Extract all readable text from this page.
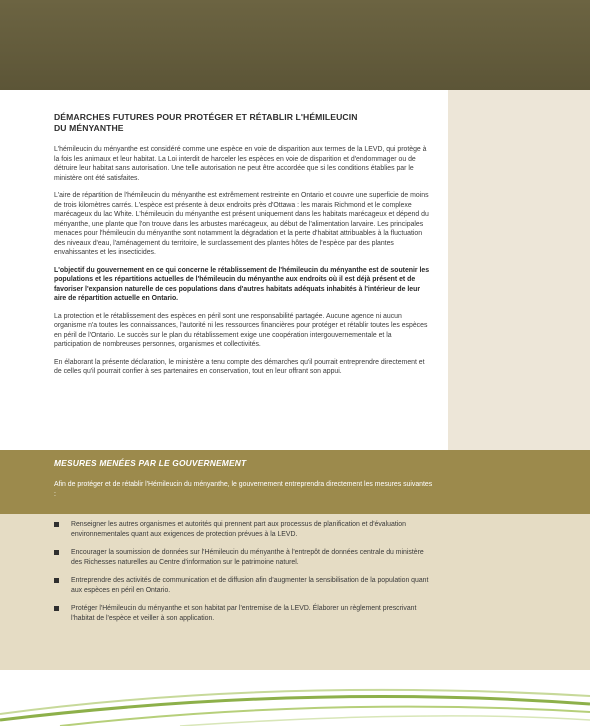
DÉMARCHES FUTURES POUR PROTÉGER ET RÉTABLIR L'HÉMILEUCIN
DU MÉNYANTHE

L'hémileucin du ményanthe est considéré comme une espèce en voie de disparition aux termes de la LEVD, qui protège à la fois les animaux et leur habitat. La Loi interdit de harceler les espèces en voie de disparition et d'endommager ou de détruire leur habitat sans autorisation. Une telle autorisation ne peut être accordée que si les conditions établies par le ministère ont été satisfaites.

L'aire de répartition de l'hémileucin du ményanthe est extrêmement restreinte en Ontario et couvre une superficie de moins de trois kilomètres carrés. L'espèce est présente à deux endroits près d'Ottawa : les marais Richmond et le complexe marécageux du lac White. L'hémileucin du ményanthe est présent uniquement dans les habitats marécageux et dépend du ményanthe, une plante que l'on trouve dans les arbustes marécageux, au début de l'alimentation larvaire. Les principales menaces pour l'hémileucin du ményanthe sont notamment la dégradation et la perte d'habitat attribuables à la fluctuation des niveaux d'eau, l'aménagement du territoire, le surclassement des plantes hôtes de l'espèce par des plantes envahissantes et les insecticides.

L'objectif du gouvernement en ce qui concerne le rétablissement de l'hémileucin du ményanthe est de soutenir les populations et les répartitions actuelles de l'hémileucin du ményanthe aux endroits où il est déjà présent et de favoriser l'expansion naturelle de ces populations dans d'autres habitats adéquats inhabités à l'intérieur de leur aire de répartition actuelle en Ontario.

La protection et le rétablissement des espèces en péril sont une responsabilité partagée. Aucune agence ni aucun organisme n'a toutes les connaissances, l'autorité ni les ressources financières pour protéger et rétablir toutes les espèces en péril de l'Ontario. Le succès sur le plan du rétablissement exige une coopération intergouvernementale et la participation de nombreuses personnes, organismes et collectivités.

En élaborant la présente déclaration, le ministère a tenu compte des démarches qu'il pourrait entreprendre directement et de celles qu'il pourrait confier à ses partenaires en conservation, tout en leur offrant son appui.

MESURES MENÉES PAR LE GOUVERNEMENT
Afin de protéger et de rétablir l'Hémileucin du ményanthe, le gouvernement entreprendra directement les mesures suivantes :
Renseigner les autres organismes et autorités qui prennent part aux processus de planification et d'évaluation environnementales quant aux exigences de protection prévues à la LEVD.
Encourager la soumission de données sur l'Hémileucin du ményanthe à l'entrepôt de données centrale du ministère des Richesses naturelles au Centre d'information sur le patrimoine naturel.
Entreprendre des activités de communication et de diffusion afin d'augmenter la sensibilisation de la population quant aux espèces en péril en Ontario.
Protéger l'Hémileucin du ményanthe et son habitat par l'entremise de la LEVD. Élaborer un règlement prescrivant l'habitat de l'espèce et veiller à son application.
